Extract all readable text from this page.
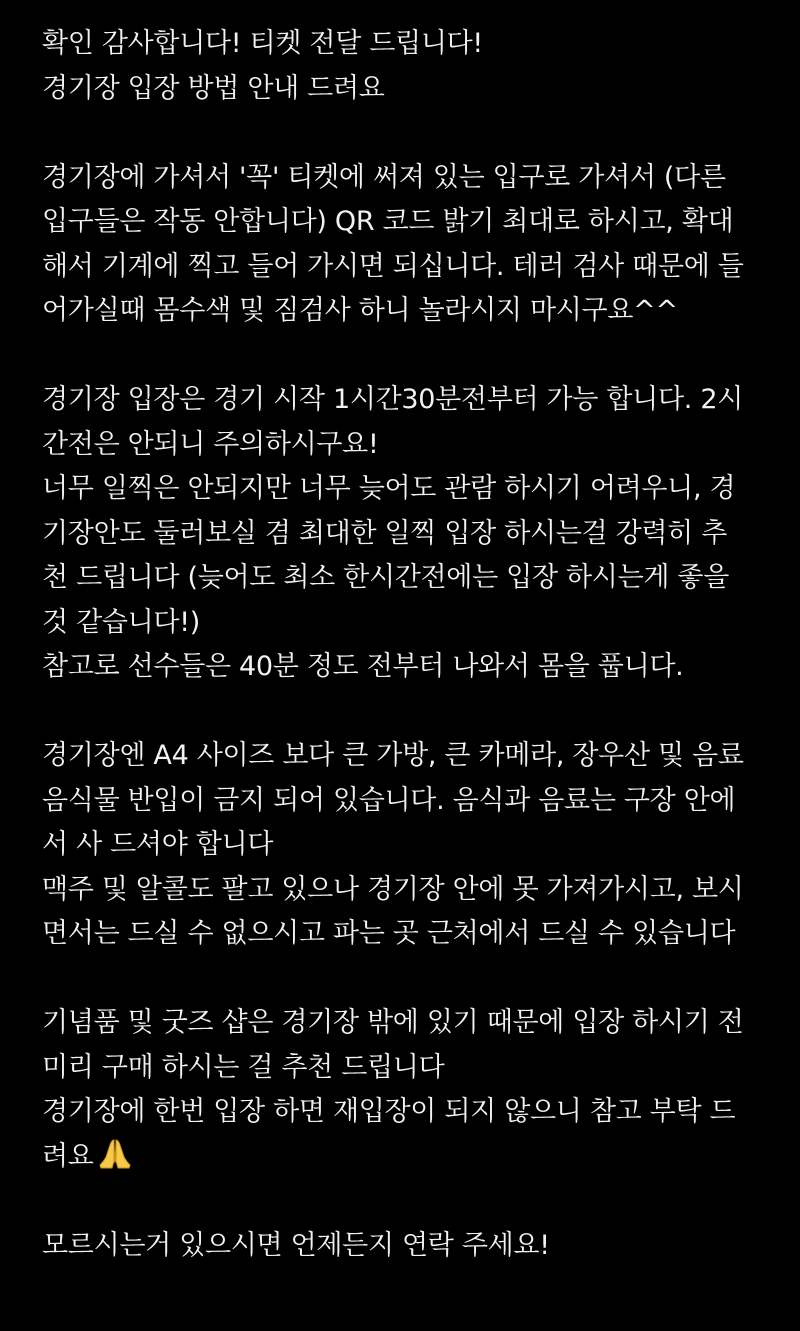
확인 감사합니다! 티켓 전달 드립니다!
경기장 입장 방법 안내 드려요
경기장에 가셔서 '꼭' 티켓에 써져 있는 입구로 가셔서 (다른
입구들은 작동 안합니다) QR 코드 밝기 최대로 하시고, 확대
해서 기계에 찍고 들어 가시면 되십니다. 테러 검사 때문에 들
어가실때 몸수색 및 짐검사 하니 놀라시지 마시구요^^
경기장 입장은 경기 시작 1시간30분전부터 가능 합니다. 2시
간전은 안되니 주의하시구요!
너무 일찍은 안되지만 너무 늦어도 관람 하시기 어려우니, 경
기장안도 둘러보실 겸 최대한 일찍 입장 하시는걸 강력히 추
천 드립니다 (늦어도 최소 한시간전에는 입장 하시는게 좋을
것 같습니다!)
참고로 선수들은 40분 정도 전부터 나와서 몸을 풉니다.
경기장엔 A4 사이즈 보다 큰 가방, 큰 카메라, 장우산 및 음료
음식물 반입이 금지 되어 있습니다. 음식과 음료는 구장 안에
서 사 드셔야 합니다
맥주 및 알콜도 팔고 있으나 경기장 안에 못 가져가시고, 보시
면서는 드실 수 없으시고 파는 곳 근처에서 드실 수 있습니다
기념품 및 굿즈 샵은 경기장 밖에 있기 때문에 입장 하시기 전
미리 구매 하시는 걸 추천 드립니다
경기장에 한번 입장 하면 재입장이 되지 않으니 참고 부탁 드
려요
모르시는거 있으시면 언제든지 연락 주세요!
